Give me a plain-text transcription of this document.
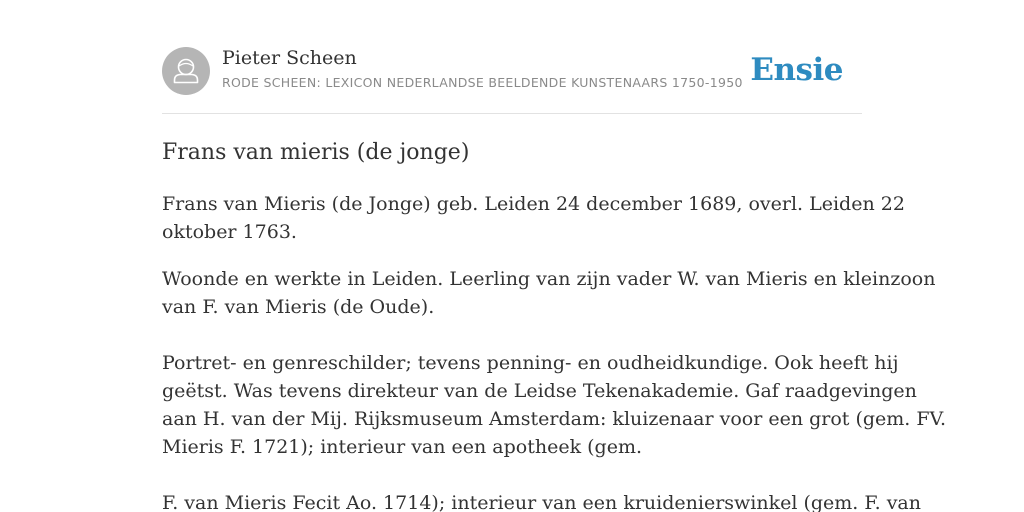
Pieter Scheen
RODE SCHEEN: LEXICON NEDERLANDSE BEELDENDE KUNSTENAARS 1750-1950 Ensie
Frans van mieris (de jonge)

Frans van Mieris (de Jonge) geb. Leiden 24 december 1689, overl. Leiden 22

oktober 1763.

Woonde en werkte in Leiden. Leerling van zijn vader W. van Mieris en kleinzoon

van F. van Mieris (de Oude).

Portret- en genreschilder; tevens penning- en oudheidkundige. Ook heeft hij

geëtst. Was tevens direkteur van de Leidse Tekenakademie. Gaf raadgevingen

aan H. van der Mij. Rijksmuseum Amsterdam: kluizenaar voor een grot (gem. FV.

Mieris F. 1721); interieur van een apotheek (gem.

F. van Mieris Fecit Ao. 1714); interieur van een kruidenierswinkel (gem. F. van
